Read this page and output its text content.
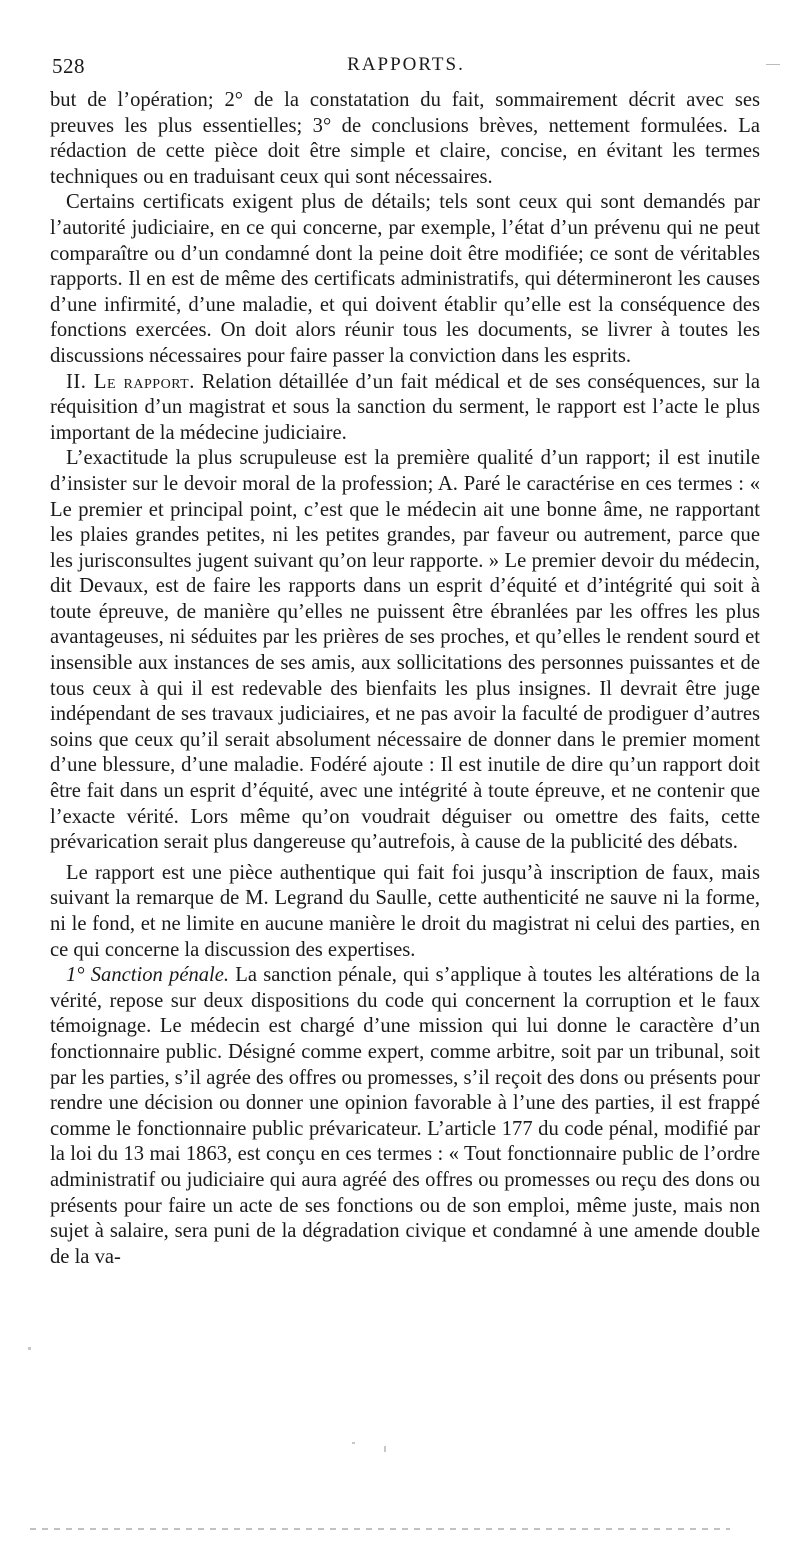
528	RAPPORTS.

but de l’opération; 2° de la constatation du fait, sommairement décrit avec ses preuves les plus essentielles; 3° de conclusions brèves, nettement formulées. La rédaction de cette pièce doit être simple et claire, concise, en évitant les termes techniques ou en traduisant ceux qui sont nécessaires.

Certains certificats exigent plus de détails; tels sont ceux qui sont demandés par l’autorité judiciaire, en ce qui concerne, par exemple, l’état d’un prévenu qui ne peut comparaître ou d’un condamné dont la peine doit être modifiée; ce sont de véritables rapports. Il en est de même des certificats administratifs, qui détermineront les causes d’une infirmité, d’une maladie, et qui doivent établir qu’elle est la conséquence des fonctions exercées. On doit alors réunir tous les documents, se livrer à toutes les discussions nécessaires pour faire passer la conviction dans les esprits.

II. Le rapport. Relation détaillée d’un fait médical et de ses conséquences, sur la réquisition d’un magistrat et sous la sanction du serment, le rapport est l’acte le plus important de la médecine judiciaire.

L’exactitude la plus scrupuleuse est la première qualité d’un rapport; il est inutile d’insister sur le devoir moral de la profession; A. Paré le caractérise en ces termes : « Le premier et principal point, c’est que le médecin ait une bonne âme, ne rapportant les plaies grandes petites, ni les petites grandes, par faveur ou autrement, parce que les jurisconsultes jugent suivant qu’on leur rapporte. » Le premier devoir du médecin, dit Devaux, est de faire les rapports dans un esprit d’équité et d’intégrité qui soit à toute épreuve, de manière qu’elles ne puissent être ébranlées par les offres les plus avantageuses, ni séduites par les prières de ses proches, et qu’elles le rendent sourd et insensible aux instances de ses amis, aux sollicitations des personnes puissantes et de tous ceux à qui il est redevable des bienfaits les plus insignes. Il devrait être juge indépendant de ses travaux judiciaires, et ne pas avoir la faculté de prodiguer d’autres soins que ceux qu’il serait absolument nécessaire de donner dans le premier moment d’une blessure, d’une maladie. Fodéré ajoute : Il est inutile de dire qu’un rapport doit être fait dans un esprit d’équité, avec une intégrité à toute épreuve, et ne contenir que l’exacte vérité. Lors même qu’on voudrait déguiser ou omettre des faits, cette prévarication serait plus dangereuse qu’autrefois, à cause de la publicité des débats.

Le rapport est une pièce authentique qui fait foi jusqu’à inscription de faux, mais suivant la remarque de M. Legrand du Saulle, cette authenticité ne sauve ni la forme, ni le fond, et ne limite en aucune manière le droit du magistrat ni celui des parties, en ce qui concerne la discussion des expertises.

1° Sanction pénale. La sanction pénale, qui s’applique à toutes les altérations de la vérité, repose sur deux dispositions du code qui concernent la corruption et le faux témoignage. Le médecin est chargé d’une mission qui lui donne le caractère d’un fonctionnaire public. Désigné comme expert, comme arbitre, soit par un tribunal, soit par les parties, s’il agrée des offres ou promesses, s’il reçoit des dons ou présents pour rendre une décision ou donner une opinion favorable à l’une des parties, il est frappé comme le fonctionnaire public prévaricateur. L’article 177 du code pénal, modifié par la loi du 13 mai 1863, est conçu en ces termes : « Tout fonctionnaire public de l’ordre administratif ou judiciaire qui aura agréé des offres ou promesses ou reçu des dons ou présents pour faire un acte de ses fonctions ou de son emploi, même juste, mais non sujet à salaire, sera puni de la dégradation civique et condamné à une amende double de la va-
